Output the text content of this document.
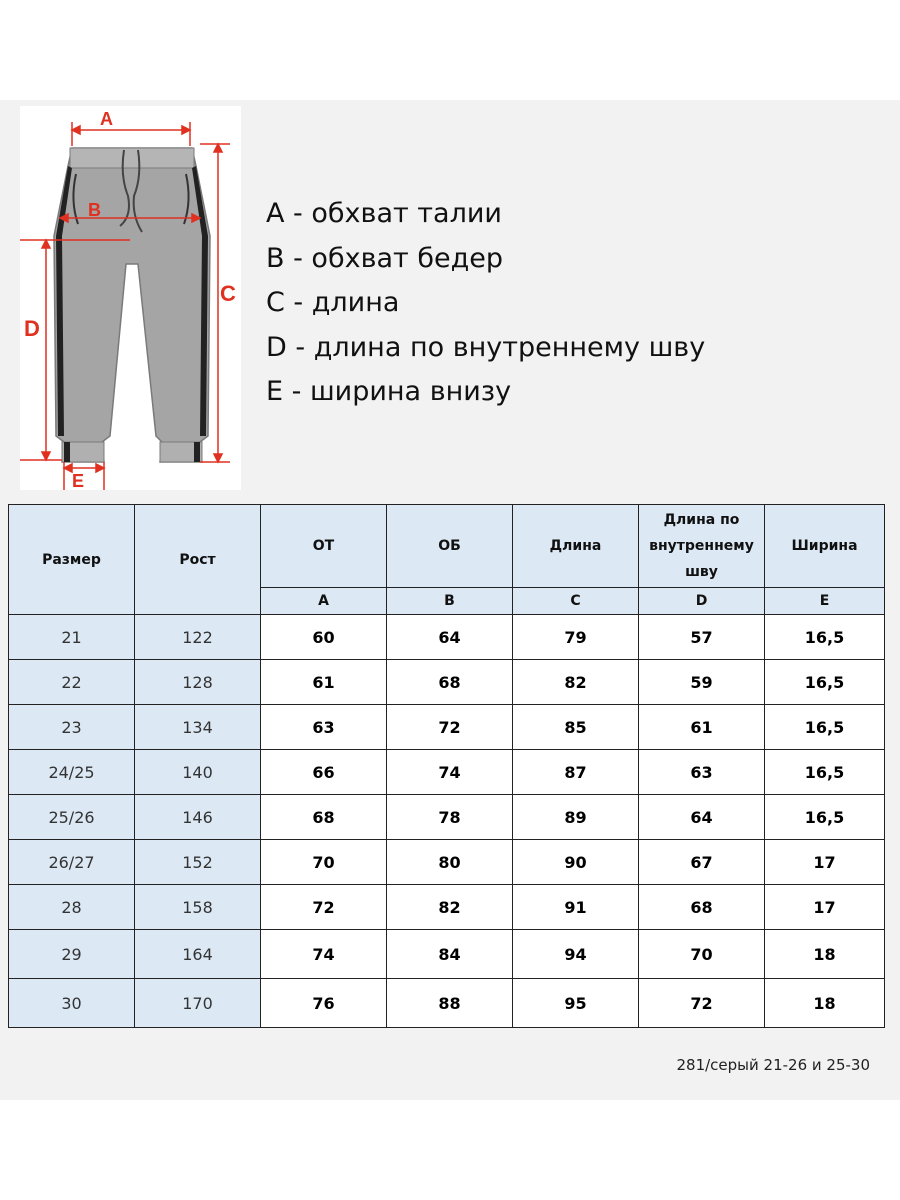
A
B
C
D
E
A - обхват талии
B - обхват бедер
C - длина
D - длина по внутреннему шву
E - ширина внизу
Размер	Рост	ОТ	ОБ	Длина	Длина по внутреннему шву	Ширина
		A	B	C	D	E
21	122	60	64	79	57	16,5
22	128	61	68	82	59	16,5
23	134	63	72	85	61	16,5
24/25	140	66	74	87	63	16,5
25/26	146	68	78	89	64	16,5
26/27	152	70	80	90	67	17
28	158	72	82	91	68	17
29	164	74	84	94	70	18
30	170	76	88	95	72	18
281/серый 21-26 и 25-30
